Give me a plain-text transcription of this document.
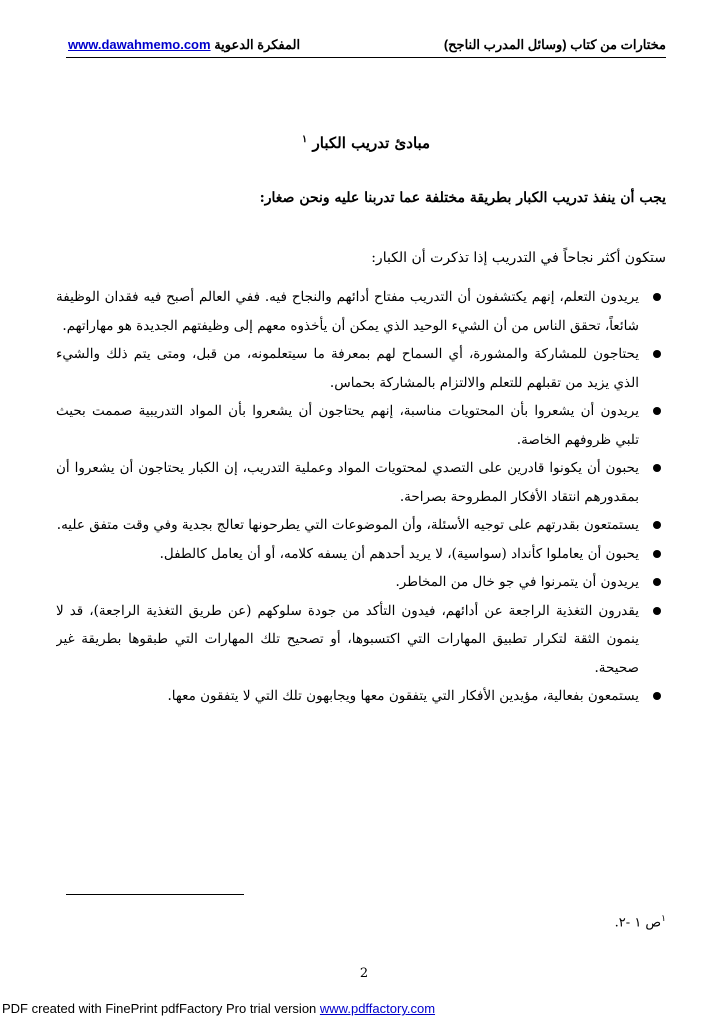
مختارات من كتاب (وسائل المدرب الناجح)
www.dawahmemo.com المفكرة الدعوية
مبادئ تدريب الكبار $^١$
يجب أن ينفذ تدريب الكبار بطريقة مختلفة عما تدربنا عليه ونحن صغار:
ستكون أكثر نجاحاً في التدريب إذا تذكرت أن الكبار:
يريدون التعلم، إنهم يكتشفون أن التدريب مفتاح أدائهم والنجاح فيه. ففي العالم أصبح فيه فقدان الوظيفة شائعاً، تحقق الناس من أن الشيء الوحيد الذي يمكن أن يأخذوه معهم إلى وظيفتهم الجديدة هو مهاراتهم.
يحتاجون للمشاركة والمشورة، أي السماح لهم بمعرفة ما سيتعلمونه، من قبل، ومتى يتم ذلك والشيء الذي يزيد من تقبلهم للتعلم والالتزام بالمشاركة بحماس.
يريدون أن يشعروا بأن المحتويات مناسبة، إنهم يحتاجون أن يشعروا بأن المواد التدريبية صممت بحيث تلبي ظروفهم الخاصة.
يحبون أن يكونوا قادرين على التصدي لمحتويات المواد وعملية التدريب، إن الكبار يحتاجون أن يشعروا أن بمقدورهم انتقاد الأفكار المطروحة بصراحة.
يستمتعون بقدرتهم على توجيه الأسئلة، وأن الموضوعات التي يطرحونها تعالج بجدية وفي وقت متفق عليه.
يحبون أن يعاملوا كأنداد (سواسية)، لا يريد أحدهم أن يسفه كلامه، أو أن يعامل كالطفل.
يريدون أن يتمرنوا في جو خال من المخاطر.
يقدرون التغذية الراجعة عن أدائهم، فيدون التأكد من جودة سلوكهم (عن طريق التغذية الراجعة)، قد لا ينمون الثقة لتكرار تطبيق المهارات التي اكتسبوها، أو تصحيح تلك المهارات التي طبقوها بطريقة غير صحيحة.
يستمعون بفعالية، مؤيدين الأفكار التي يتفقون معها ويجابهون تلك التي لا يتفقون معها.
$^١$ص ١ -٢.
2
PDF created with FinePrint pdfFactory Pro trial version www.pdffactory.com
